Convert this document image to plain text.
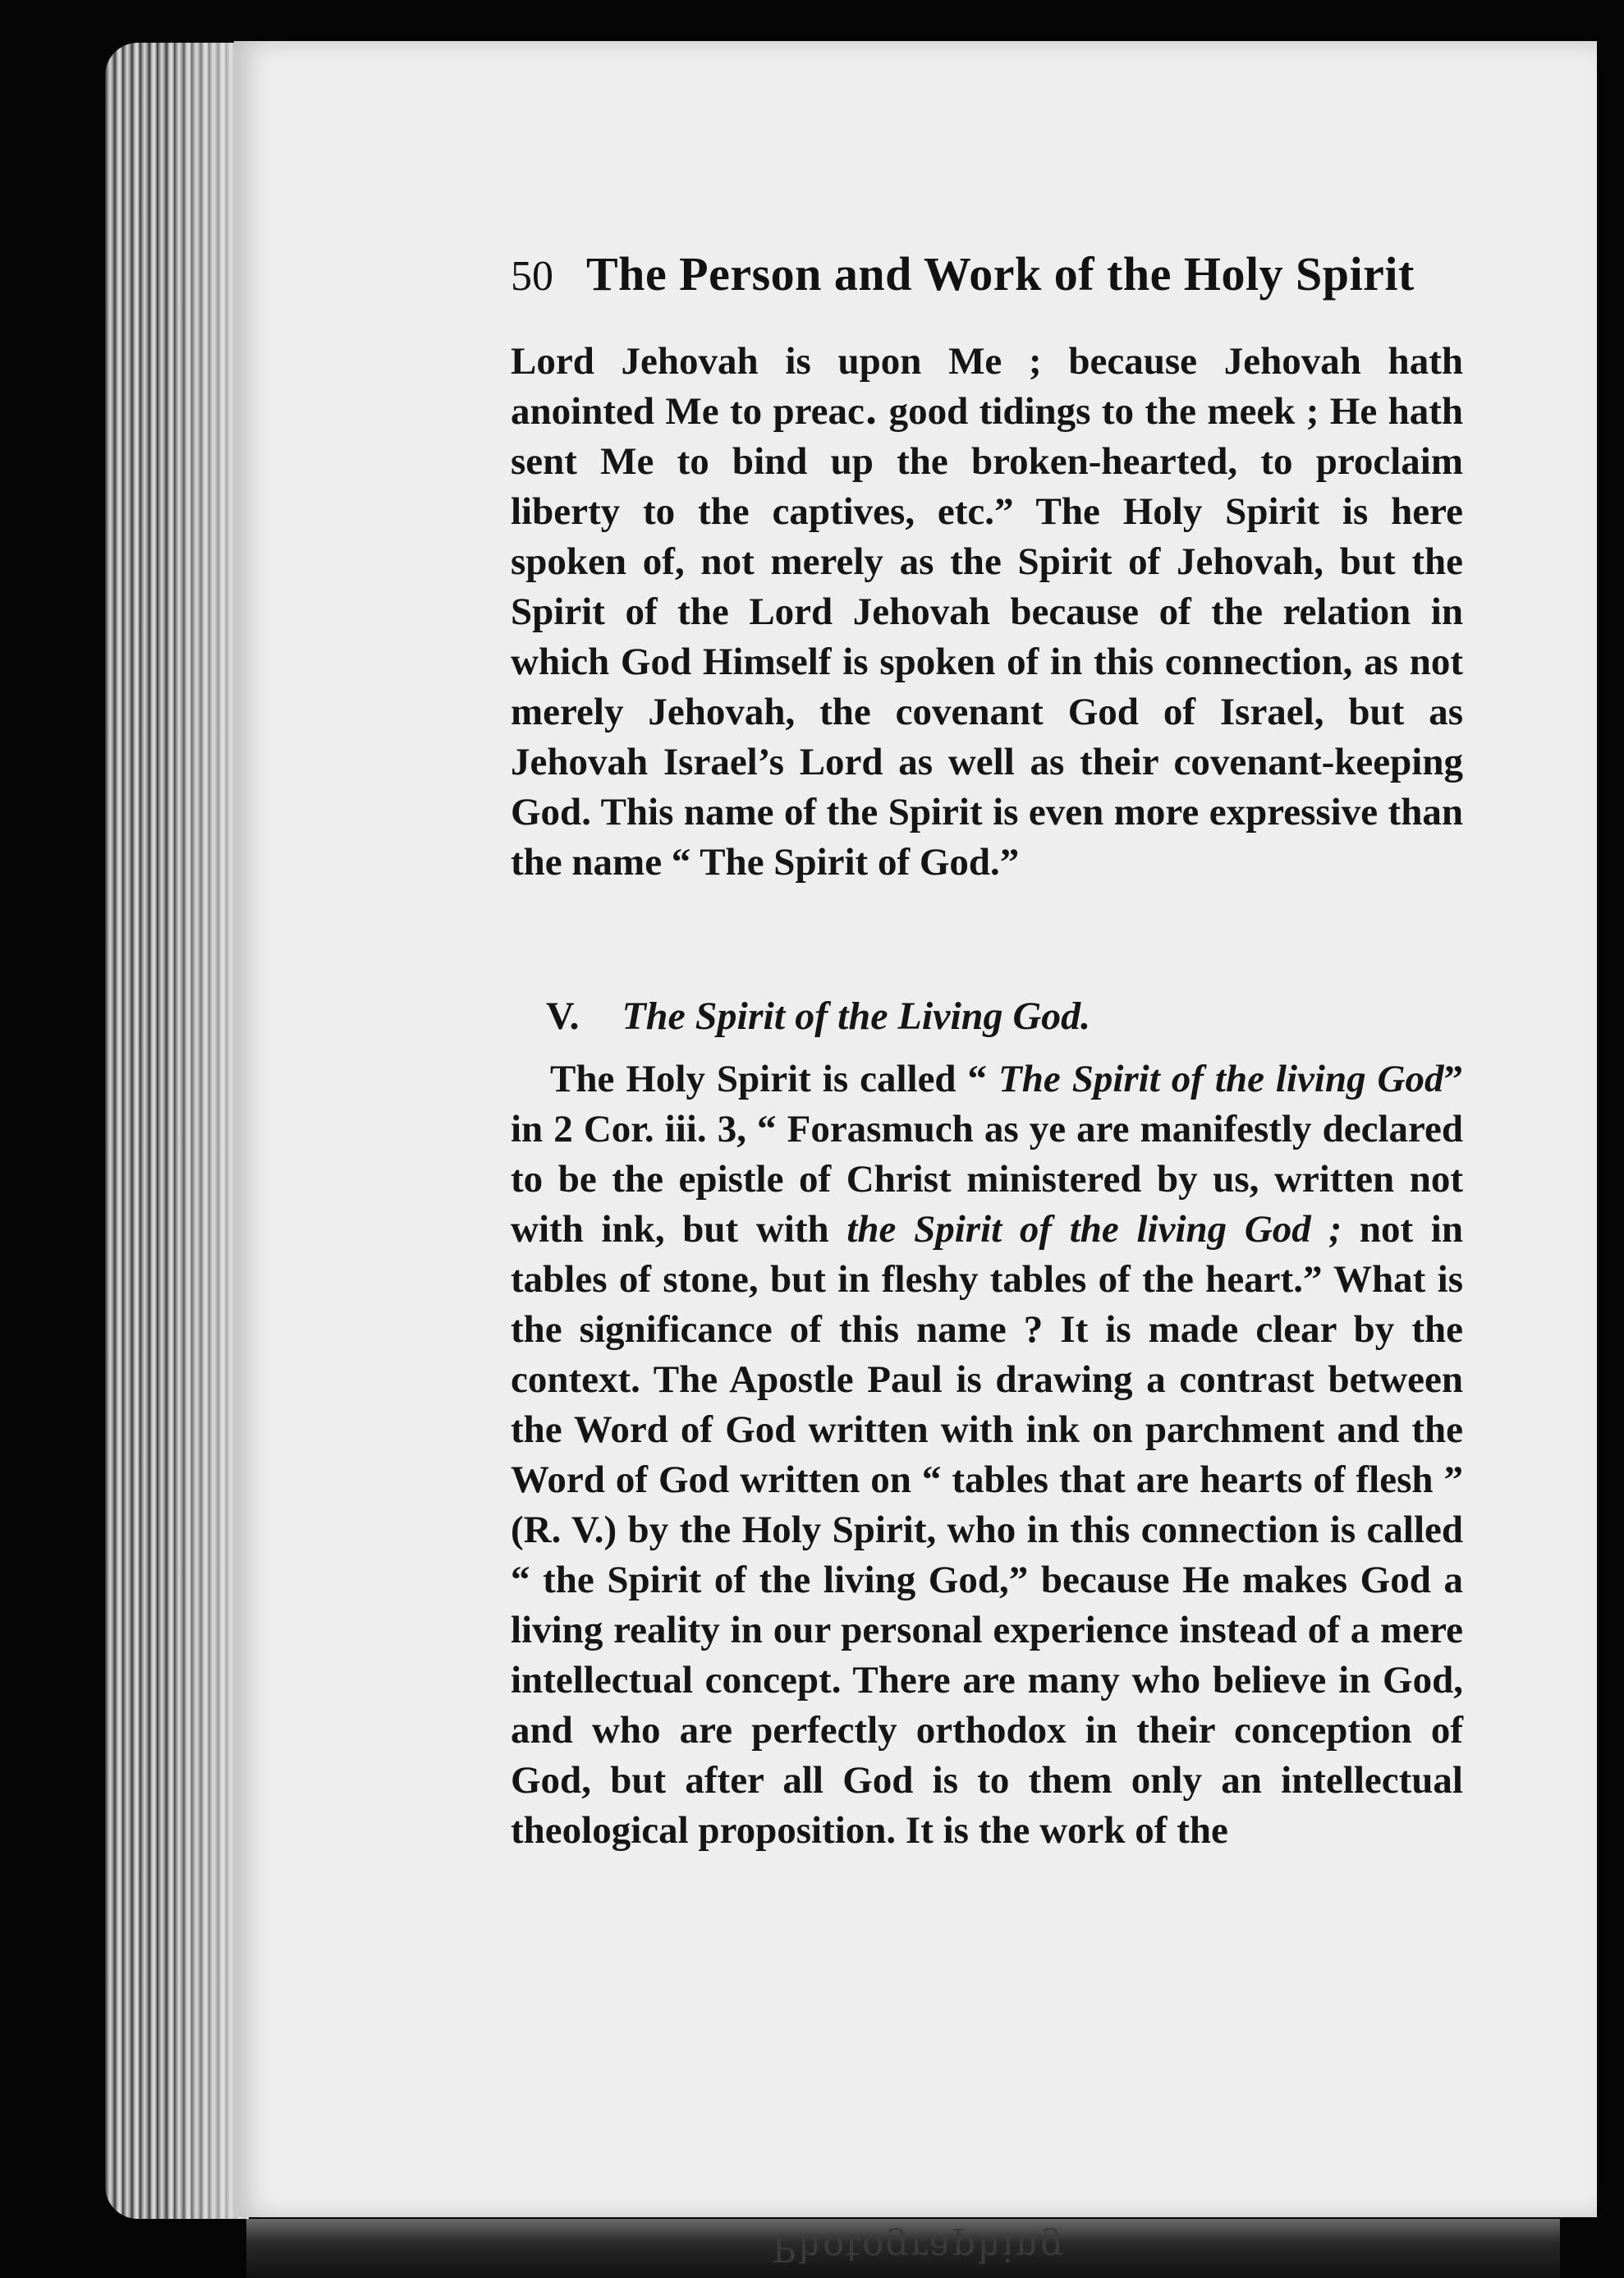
50 The Person and Work of the Holy Spirit

Lord Jehovah is upon Me ; because Jehovah hath anointed Me to preac․ good tidings to the meek ; He hath sent Me to bind up the broken-hearted, to proclaim liberty to the captives, etc.” The Holy Spirit is here spoken of, not merely as the Spirit of Jehovah, but the Spirit of the Lord Jehovah because of the relation in which God Himself is spoken of in this connection, as not merely Jehovah, the covenant God of Israel, but as Jehovah Israel’s Lord as well as their covenant-keeping God. This name of the Spirit is even more expressive than the name “ The Spirit of God.”

V. The Spirit of the Living God.

The Holy Spirit is called “ The Spirit of the living God” in 2 Cor. iii. 3, “ Forasmuch as ye are manifestly declared to be the epistle of Christ ministered by us, written not with ink, but with the Spirit of the living God ; not in tables of stone, but in fleshy tables of the heart.” What is the significance of this name ? It is made clear by the context. The Apostle Paul is drawing a contrast between the Word of God written with ink on parchment and the Word of God written on “ tables that are hearts of flesh ” (R. V.) by the Holy Spirit, who in this connection is called “ the Spirit of the living God,” because He makes God a living reality in our personal experience instead of a mere intellectual concept. There are many who believe in God, and who are perfectly orthodox in their conception of God, but after all God is to them only an intellectual theological proposition. It is the work of the

Photographing
